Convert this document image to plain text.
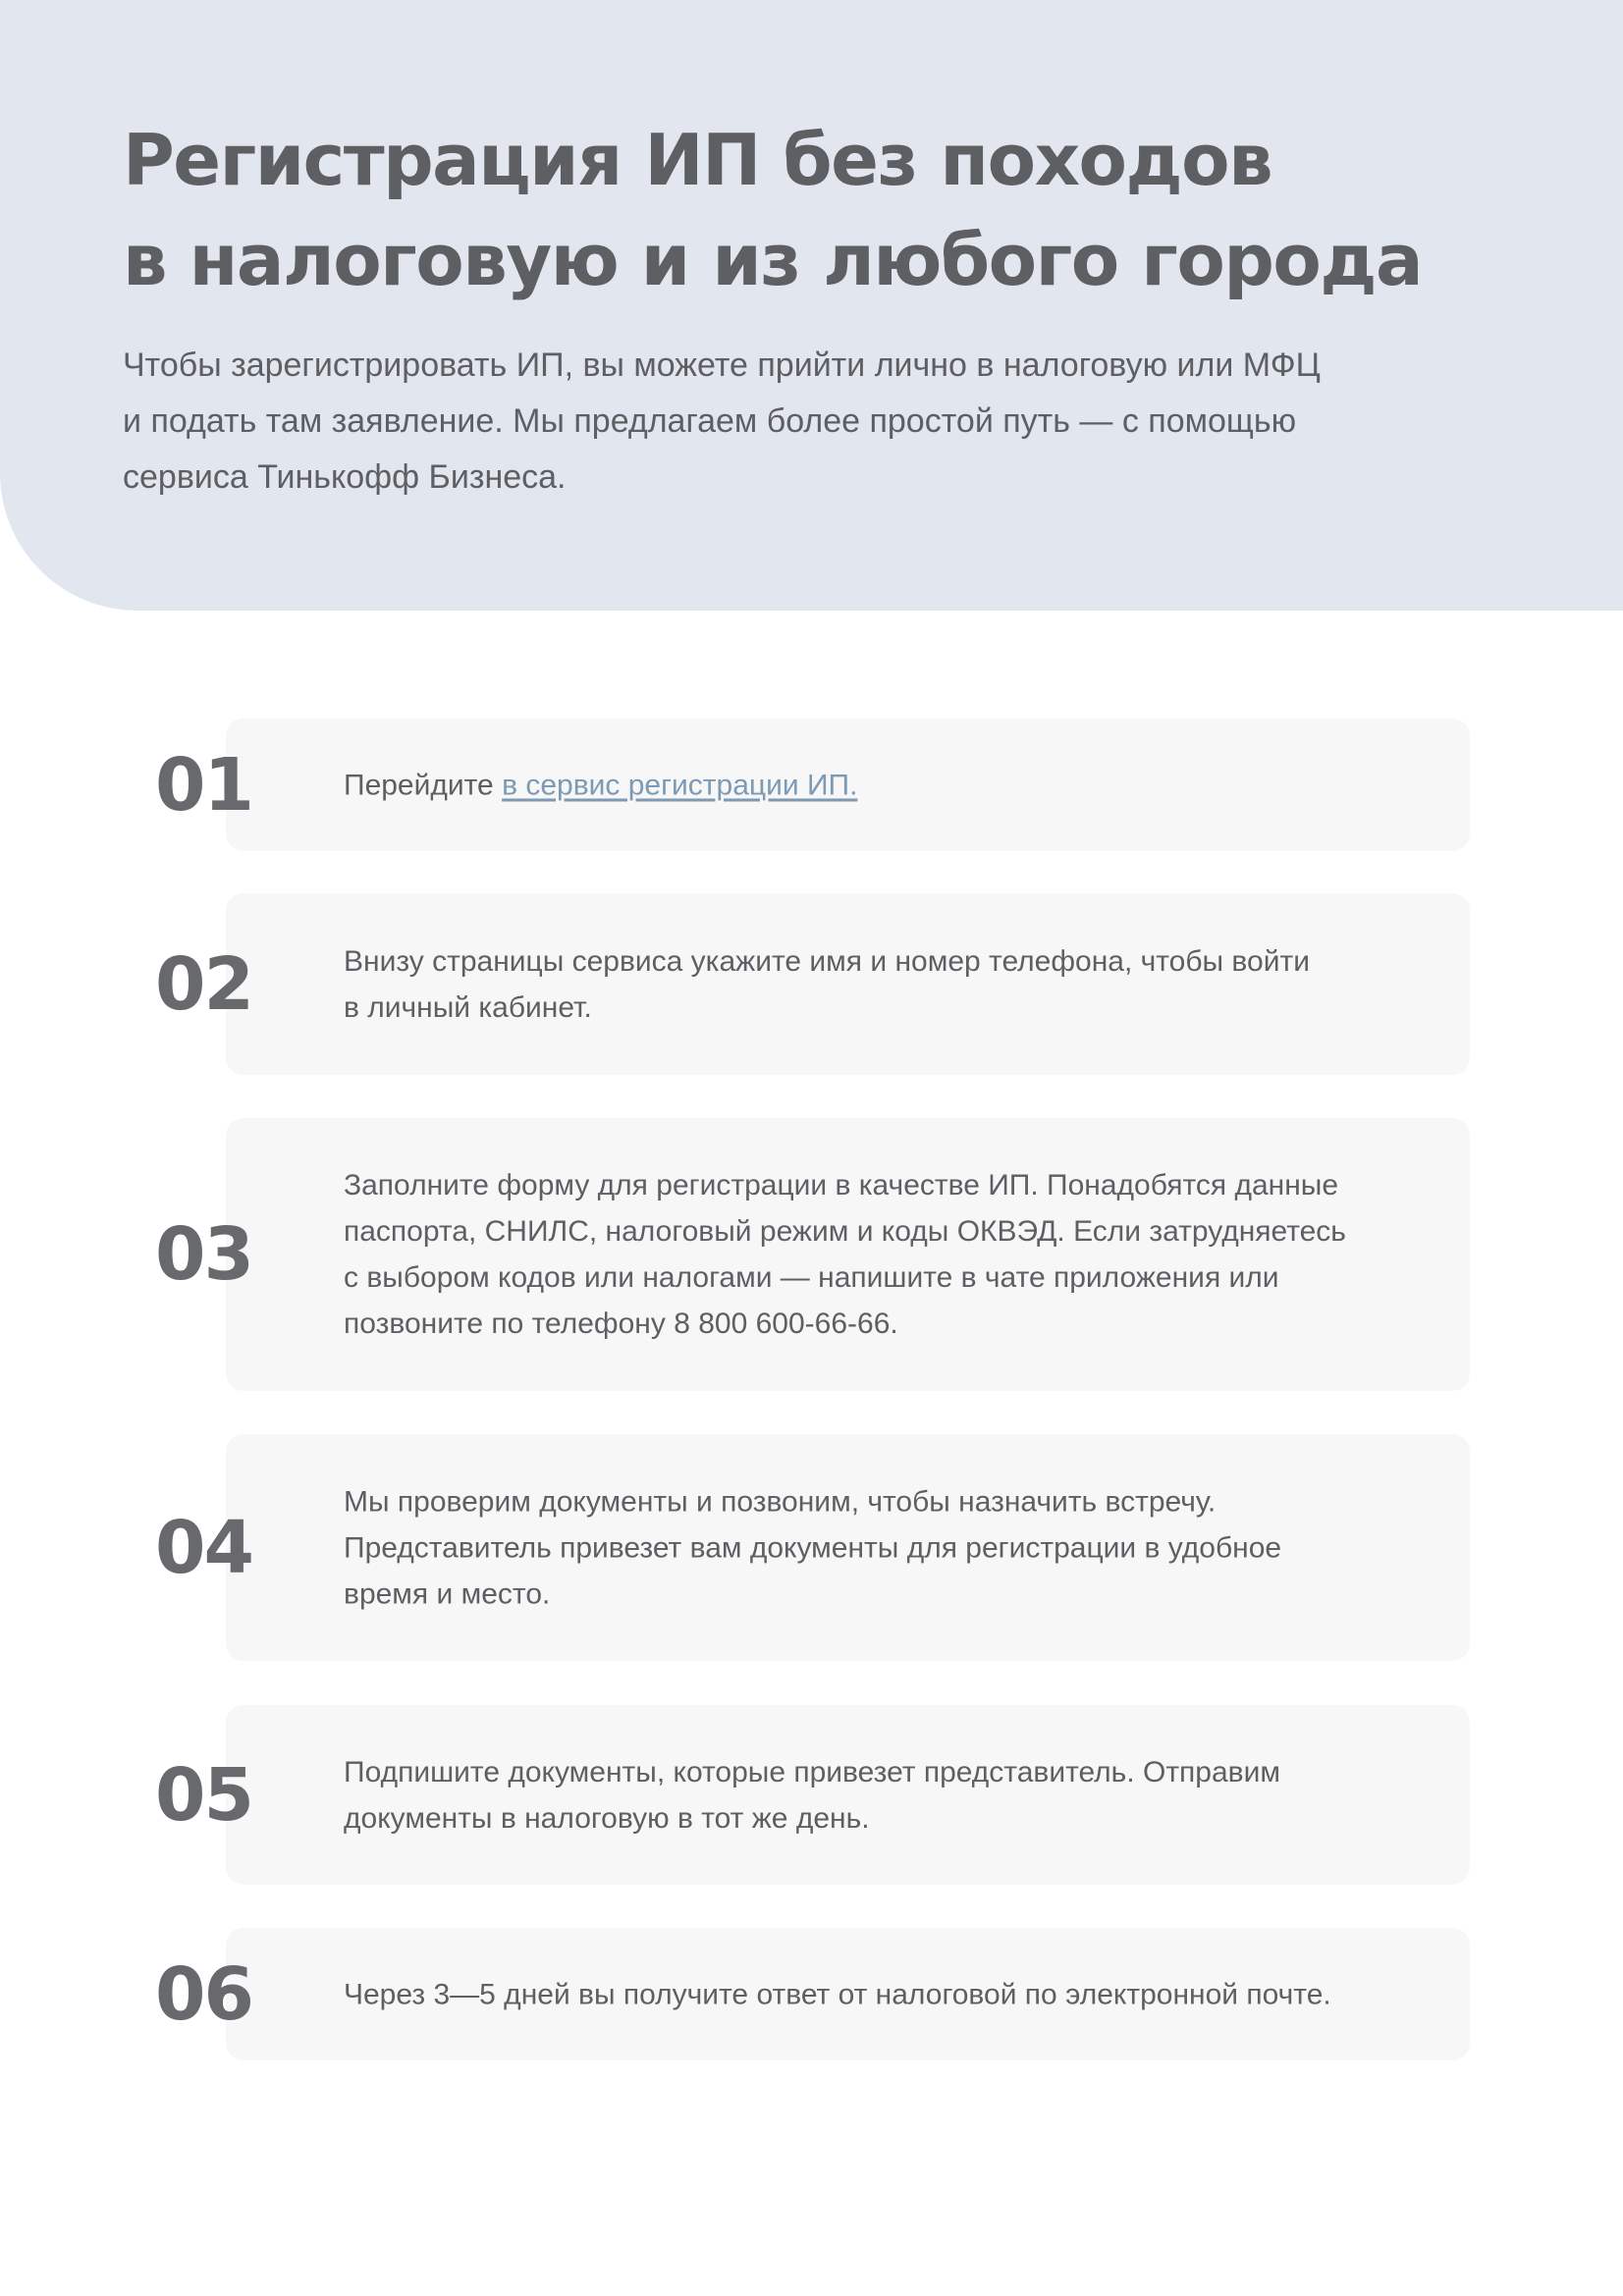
Регистрация ИП без походов
в налоговую и из любого города

Чтобы зарегистрировать ИП, вы можете прийти лично в налоговую или МФЦ
и подать там заявление. Мы предлагаем более простой путь — с помощью
сервиса Тинькофф Бизнеса.

01	Перейдите в сервис регистрации ИП.
02	Внизу страницы сервиса укажите имя и номер телефона, чтобы войти
в личный кабинет.
03
Заполните форму для регистрации в качестве ИП. Понадобятся данные
паспорта, СНИЛС, налоговый режим и коды ОКВЭД. Если затрудняетесь
с выбором кодов или налогами — напишите в чате приложения или
позвоните по телефону 8 800 600-66-66.
04
Мы проверим документы и позвоним, чтобы назначить встречу.
Представитель привезет вам документы для регистрации в удобное
время и место.
05	Подпишите документы, которые привезет представитель. Отправим
документы в налоговую в тот же день.
06	Через 3—5 дней вы получите ответ от налоговой по электронной почте.
